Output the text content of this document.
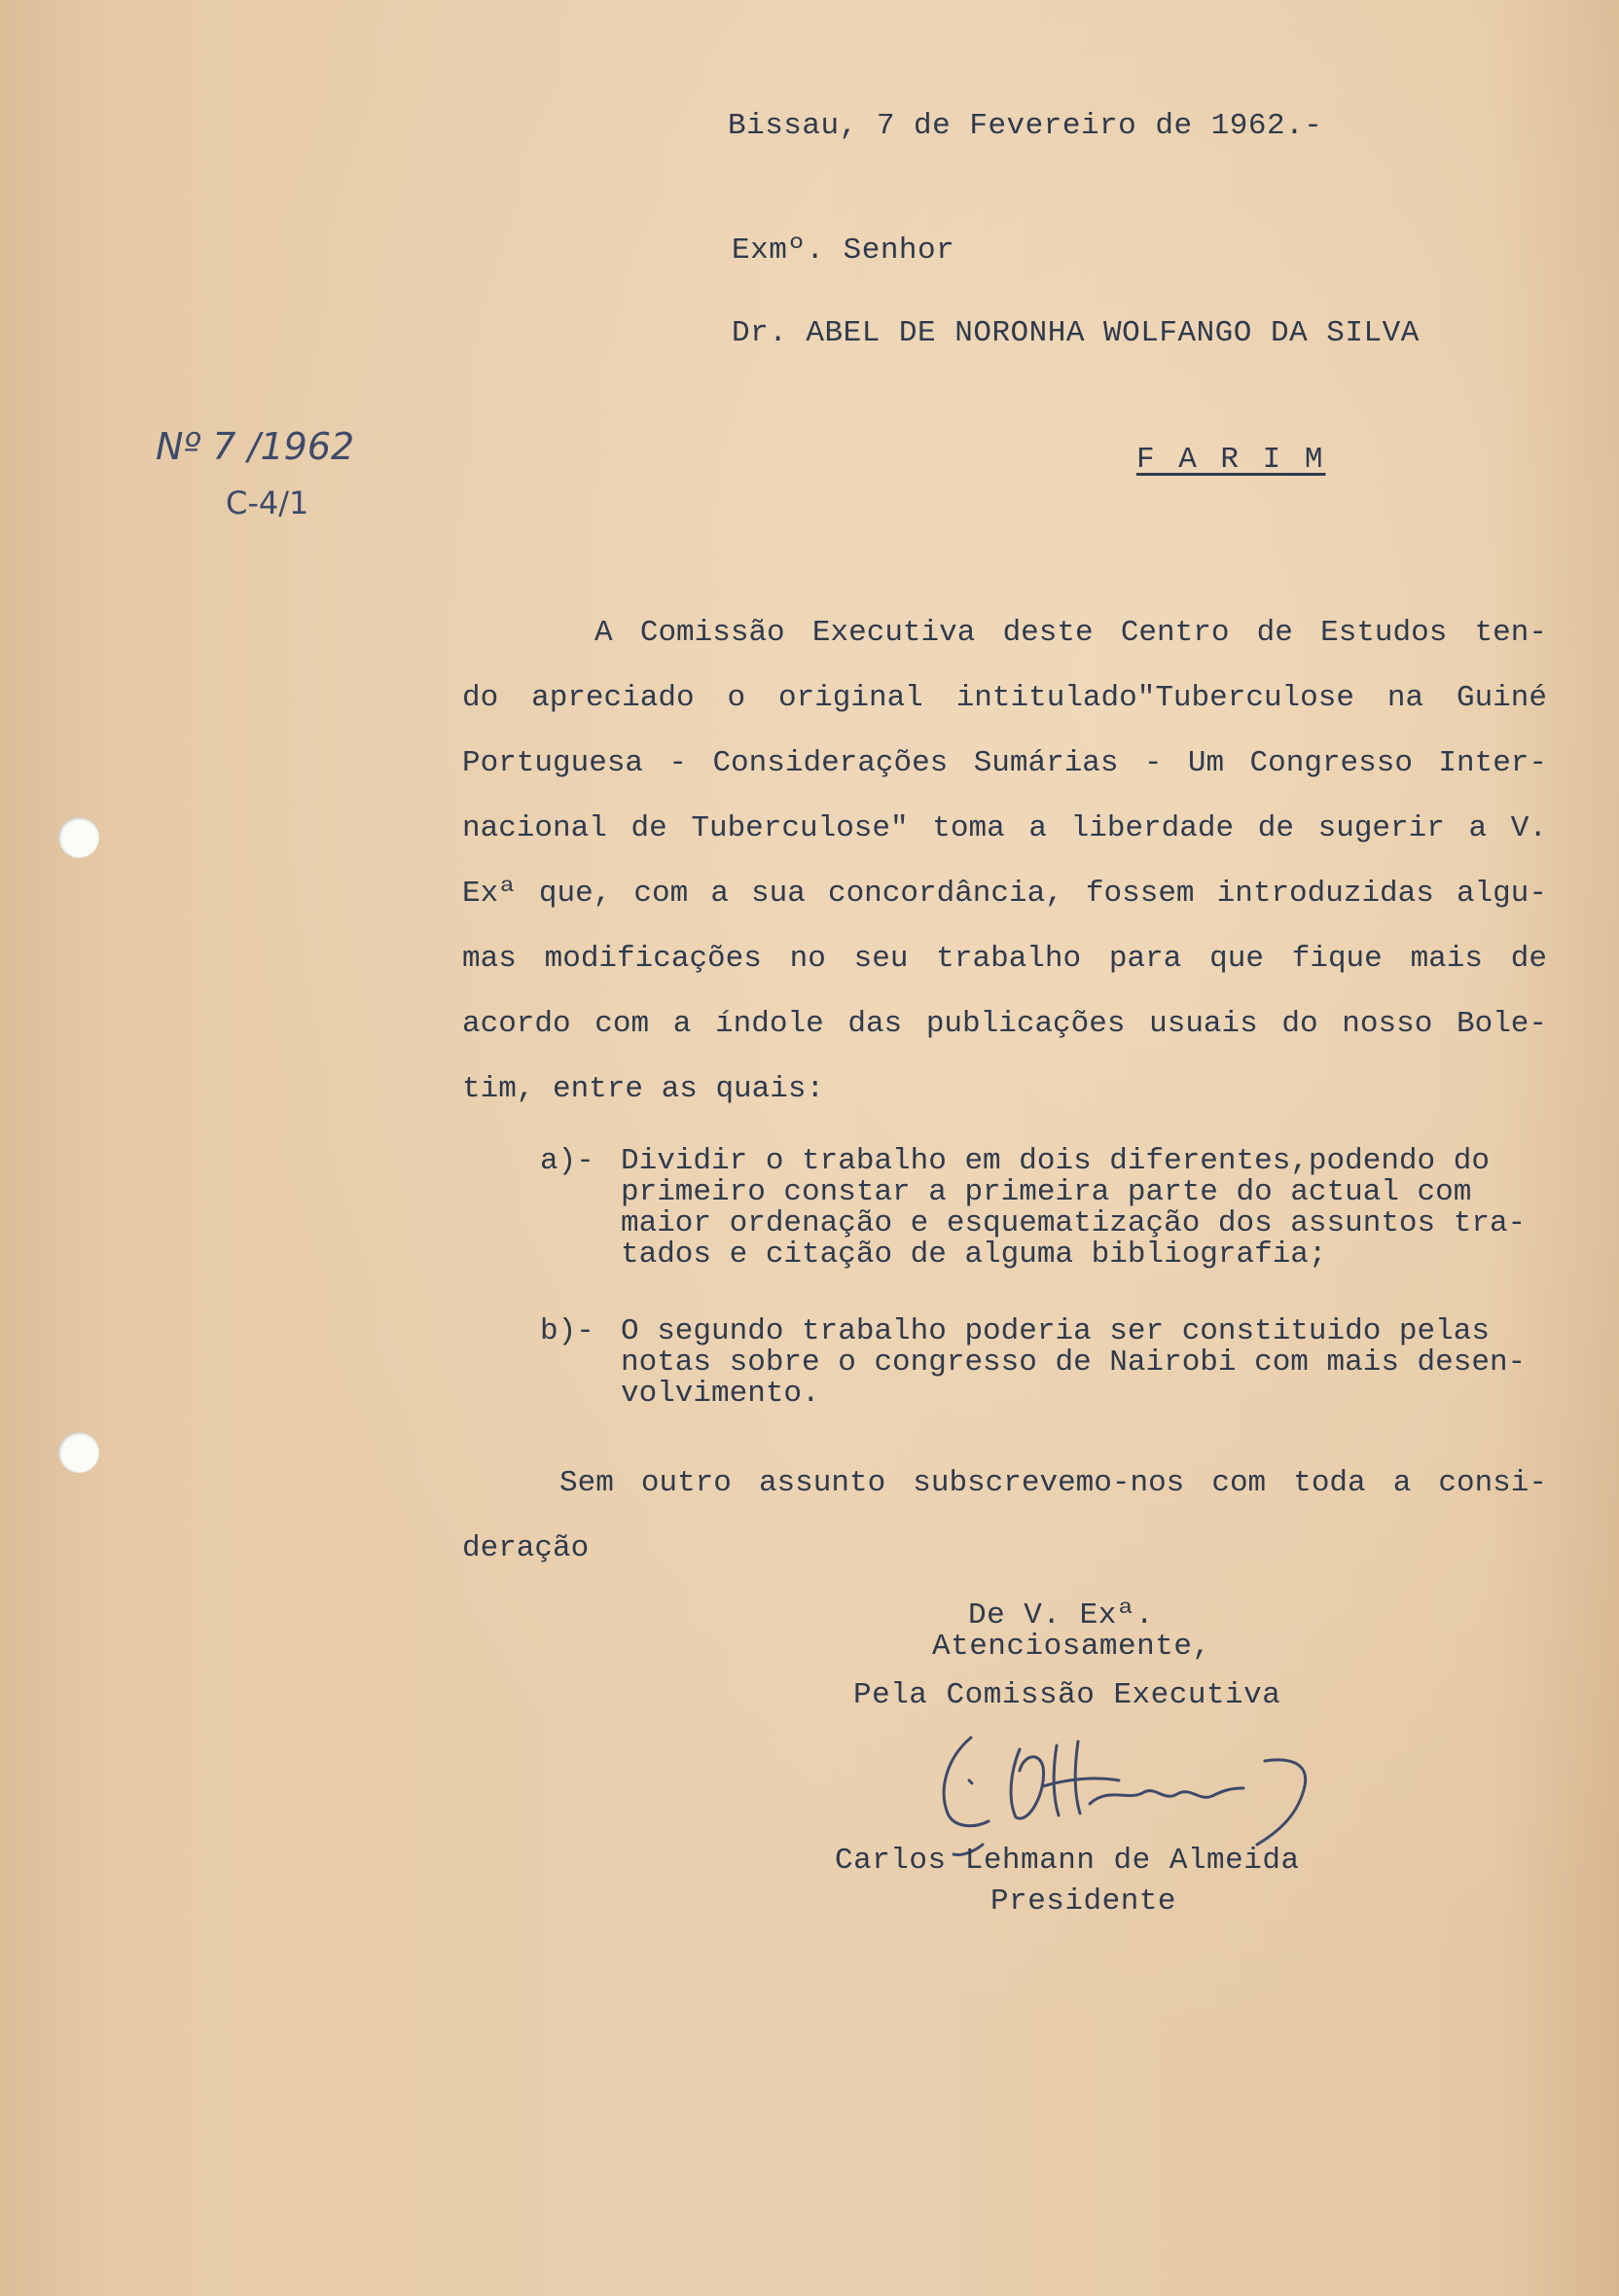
Bissau, 7 de Fevereiro de 1962.-
Exmº. Senhor
Dr. ABEL DE NORONHA WOLFANGO DA SILVA
F A R I M
Nº 7 /1962
C-4/1
A Comissão Executiva deste Centro de Estudos ten-
do apreciado o original intitulado"Tuberculose na Guiné
Portuguesa - Considerações Sumárias - Um Congresso Inter-
nacional de Tuberculose" toma a liberdade de sugerir a V.
Exª que, com a sua concordância, fossem introduzidas algu-
mas modificações no seu trabalho para que fique mais de
acordo com a índole das publicações usuais do nosso Bole-
tim, entre as quais:
a)- Dividir o trabalho em dois diferentes,podendo do
primeiro constar a primeira parte do actual com
maior ordenação e esquematização dos assuntos tra-
tados e citação de alguma bibliografia;
b)- O segundo trabalho poderia ser constituido pelas
notas sobre o congresso de Nairobi com mais desen-
volvimento.
Sem outro assunto subscrevemo-nos com toda a consi-
deração
De V. Exª.
Atenciosamente,
Pela Comissão Executiva
Carlos Lehmann de Almeida
Presidente
